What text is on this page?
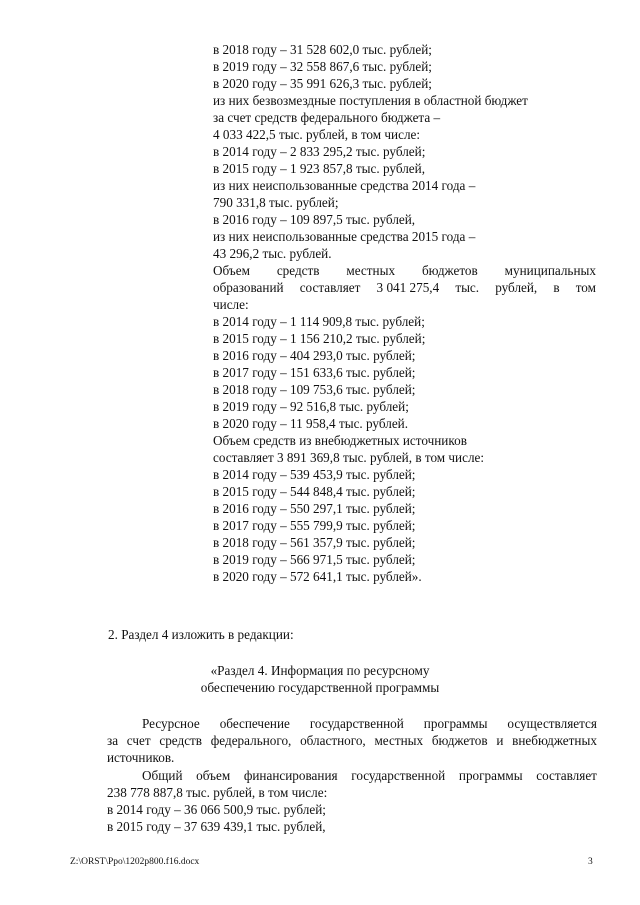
в 2018 году – 31 528 602,0 тыс. рублей;

в 2019 году – 32 558 867,6 тыс. рублей;

в 2020 году – 35 991 626,3 тыс. рублей;

из них безвозмездные поступления в областной бюджет

за счет средств федерального бюджета –

4 033 422,5 тыс. рублей, в том числе:

в 2014 году – 2 833 295,2 тыс. рублей;

в 2015 году – 1 923 857,8 тыс. рублей,

из них неиспользованные средства 2014 года –

790 331,8 тыс. рублей;

в 2016 году – 109 897,5 тыс. рублей,

из них неиспользованные средства 2015 года –

43 296,2 тыс. рублей.

Объем средств местных бюджетов муниципальных

образований составляет 3 041 275,4 тыс. рублей, в том

числе:

в 2014 году – 1 114 909,8 тыс. рублей;

в 2015 году – 1 156 210,2 тыс. рублей;

в 2016 году – 404 293,0 тыс. рублей;

в 2017 году – 151 633,6 тыс. рублей;

в 2018 году – 109 753,6 тыс. рублей;

в 2019 году – 92 516,8 тыс. рублей;

в 2020 году – 11 958,4 тыс. рублей.

Объем средств из внебюджетных источников

составляет 3 891 369,8 тыс. рублей, в том числе:

в 2014 году – 539 453,9 тыс. рублей;

в 2015 году – 544 848,4 тыс. рублей;

в 2016 году – 550 297,1 тыс. рублей;

в 2017 году – 555 799,9 тыс. рублей;

в 2018 году – 561 357,9 тыс. рублей;

в 2019 году – 566 971,5 тыс. рублей;

в 2020 году – 572 641,1 тыс. рублей».

2. Раздел 4 изложить в редакции:

«Раздел 4. Информация по ресурсному

обеспечению государственной программы

Ресурсное обеспечение государственной программы осуществляется

за счет средств федерального, областного, местных бюджетов и внебюджетных

источников.

Общий объем финансирования государственной программы составляет

238 778 887,8 тыс. рублей, в том числе:

в 2014 году – 36 066 500,9 тыс. рублей;

в 2015 году – 37 639 439,1 тыс. рублей,

Z:\ORST\Ppo\1202p800.f16.docx	3
